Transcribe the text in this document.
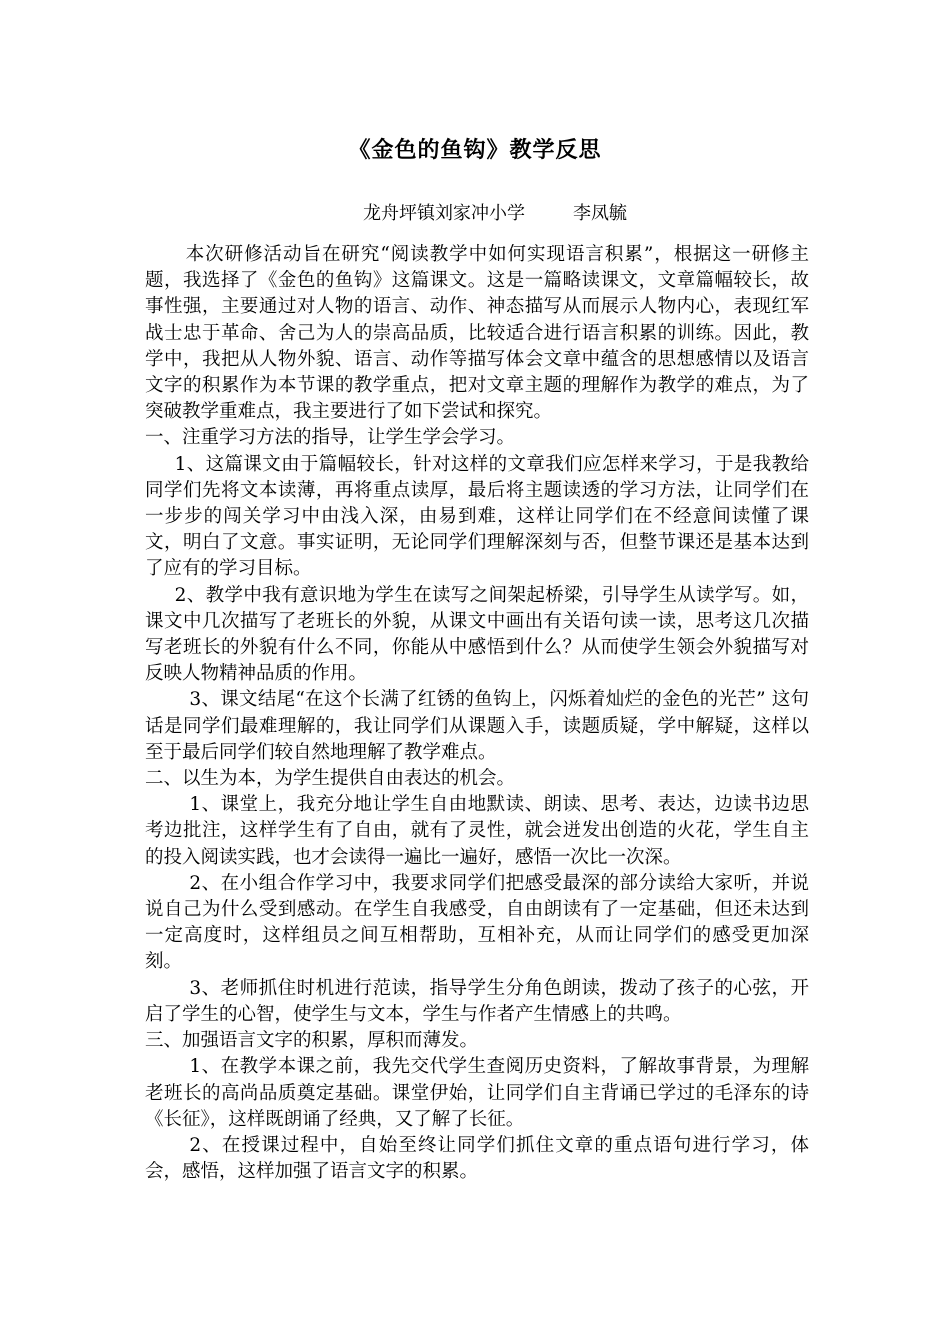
《金色的鱼钩》教学反思
龙舟坪镇刘家冲小学	李凤毓

本次研修活动旨在研究“阅读教学中如何实现语言积累”，根据这一研修主题，我选择了《金色的鱼钩》这篇课文。这是一篇略读课文，文章篇幅较长，故事性强，主要通过对人物的语言、动作、神态描写从而展示人物内心，表现红军战士忠于革命、舍己为人的崇高品质，比较适合进行语言积累的训练。因此，教学中，我把从人物外貌、语言、动作等描写体会文章中蕴含的思想感情以及语言文字的积累作为本节课的教学重点，把对文章主题的理解作为教学的难点，为了突破教学重难点，我主要进行了如下尝试和探究。

一、注重学习方法的指导，让学生学会学习。

1、这篇课文由于篇幅较长，针对这样的文章我们应怎样来学习，于是我教给同学们先将文本读薄，再将重点读厚，最后将主题读透的学习方法，让同学们在一步步的闯关学习中由浅入深，由易到难，这样让同学们在不经意间读懂了课文，明白了文意。事实证明，无论同学们理解深刻与否，但整节课还是基本达到了应有的学习目标。

2、教学中我有意识地为学生在读写之间架起桥梁，引导学生从读学写。如，课文中几次描写了老班长的外貌，从课文中画出有关语句读一读，思考这几次描写老班长的外貌有什么不同，你能从中感悟到什么？从而使学生领会外貌描写对反映人物精神品质的作用。

3、课文结尾“在这个长满了红锈的鱼钩上，闪烁着灿烂的金色的光芒” 这句话是同学们最难理解的，我让同学们从课题入手，读题质疑，学中解疑，这样以至于最后同学们较自然地理解了教学难点。

二、以生为本，为学生提供自由表达的机会。

1、课堂上，我充分地让学生自由地默读、朗读、思考、表达，边读书边思考边批注，这样学生有了自由，就有了灵性，就会迸发出创造的火花，学生自主的投入阅读实践，也才会读得一遍比一遍好，感悟一次比一次深。

2、在小组合作学习中，我要求同学们把感受最深的部分读给大家听，并说说自己为什么受到感动。在学生自我感受，自由朗读有了一定基础，但还未达到一定高度时，这样组员之间互相帮助，互相补充，从而让同学们的感受更加深刻。

3、老师抓住时机进行范读，指导学生分角色朗读，拨动了孩子的心弦，开启了学生的心智，使学生与文本，学生与作者产生情感上的共鸣。

三、加强语言文字的积累，厚积而薄发。

1、在教学本课之前，我先交代学生查阅历史资料，了解故事背景，为理解老班长的高尚品质奠定基础。课堂伊始，让同学们自主背诵已学过的毛泽东的诗《长征》，这样既朗诵了经典，又了解了长征。

2、在授课过程中，自始至终让同学们抓住文章的重点语句进行学习，体会，感悟，这样加强了语言文字的积累。
